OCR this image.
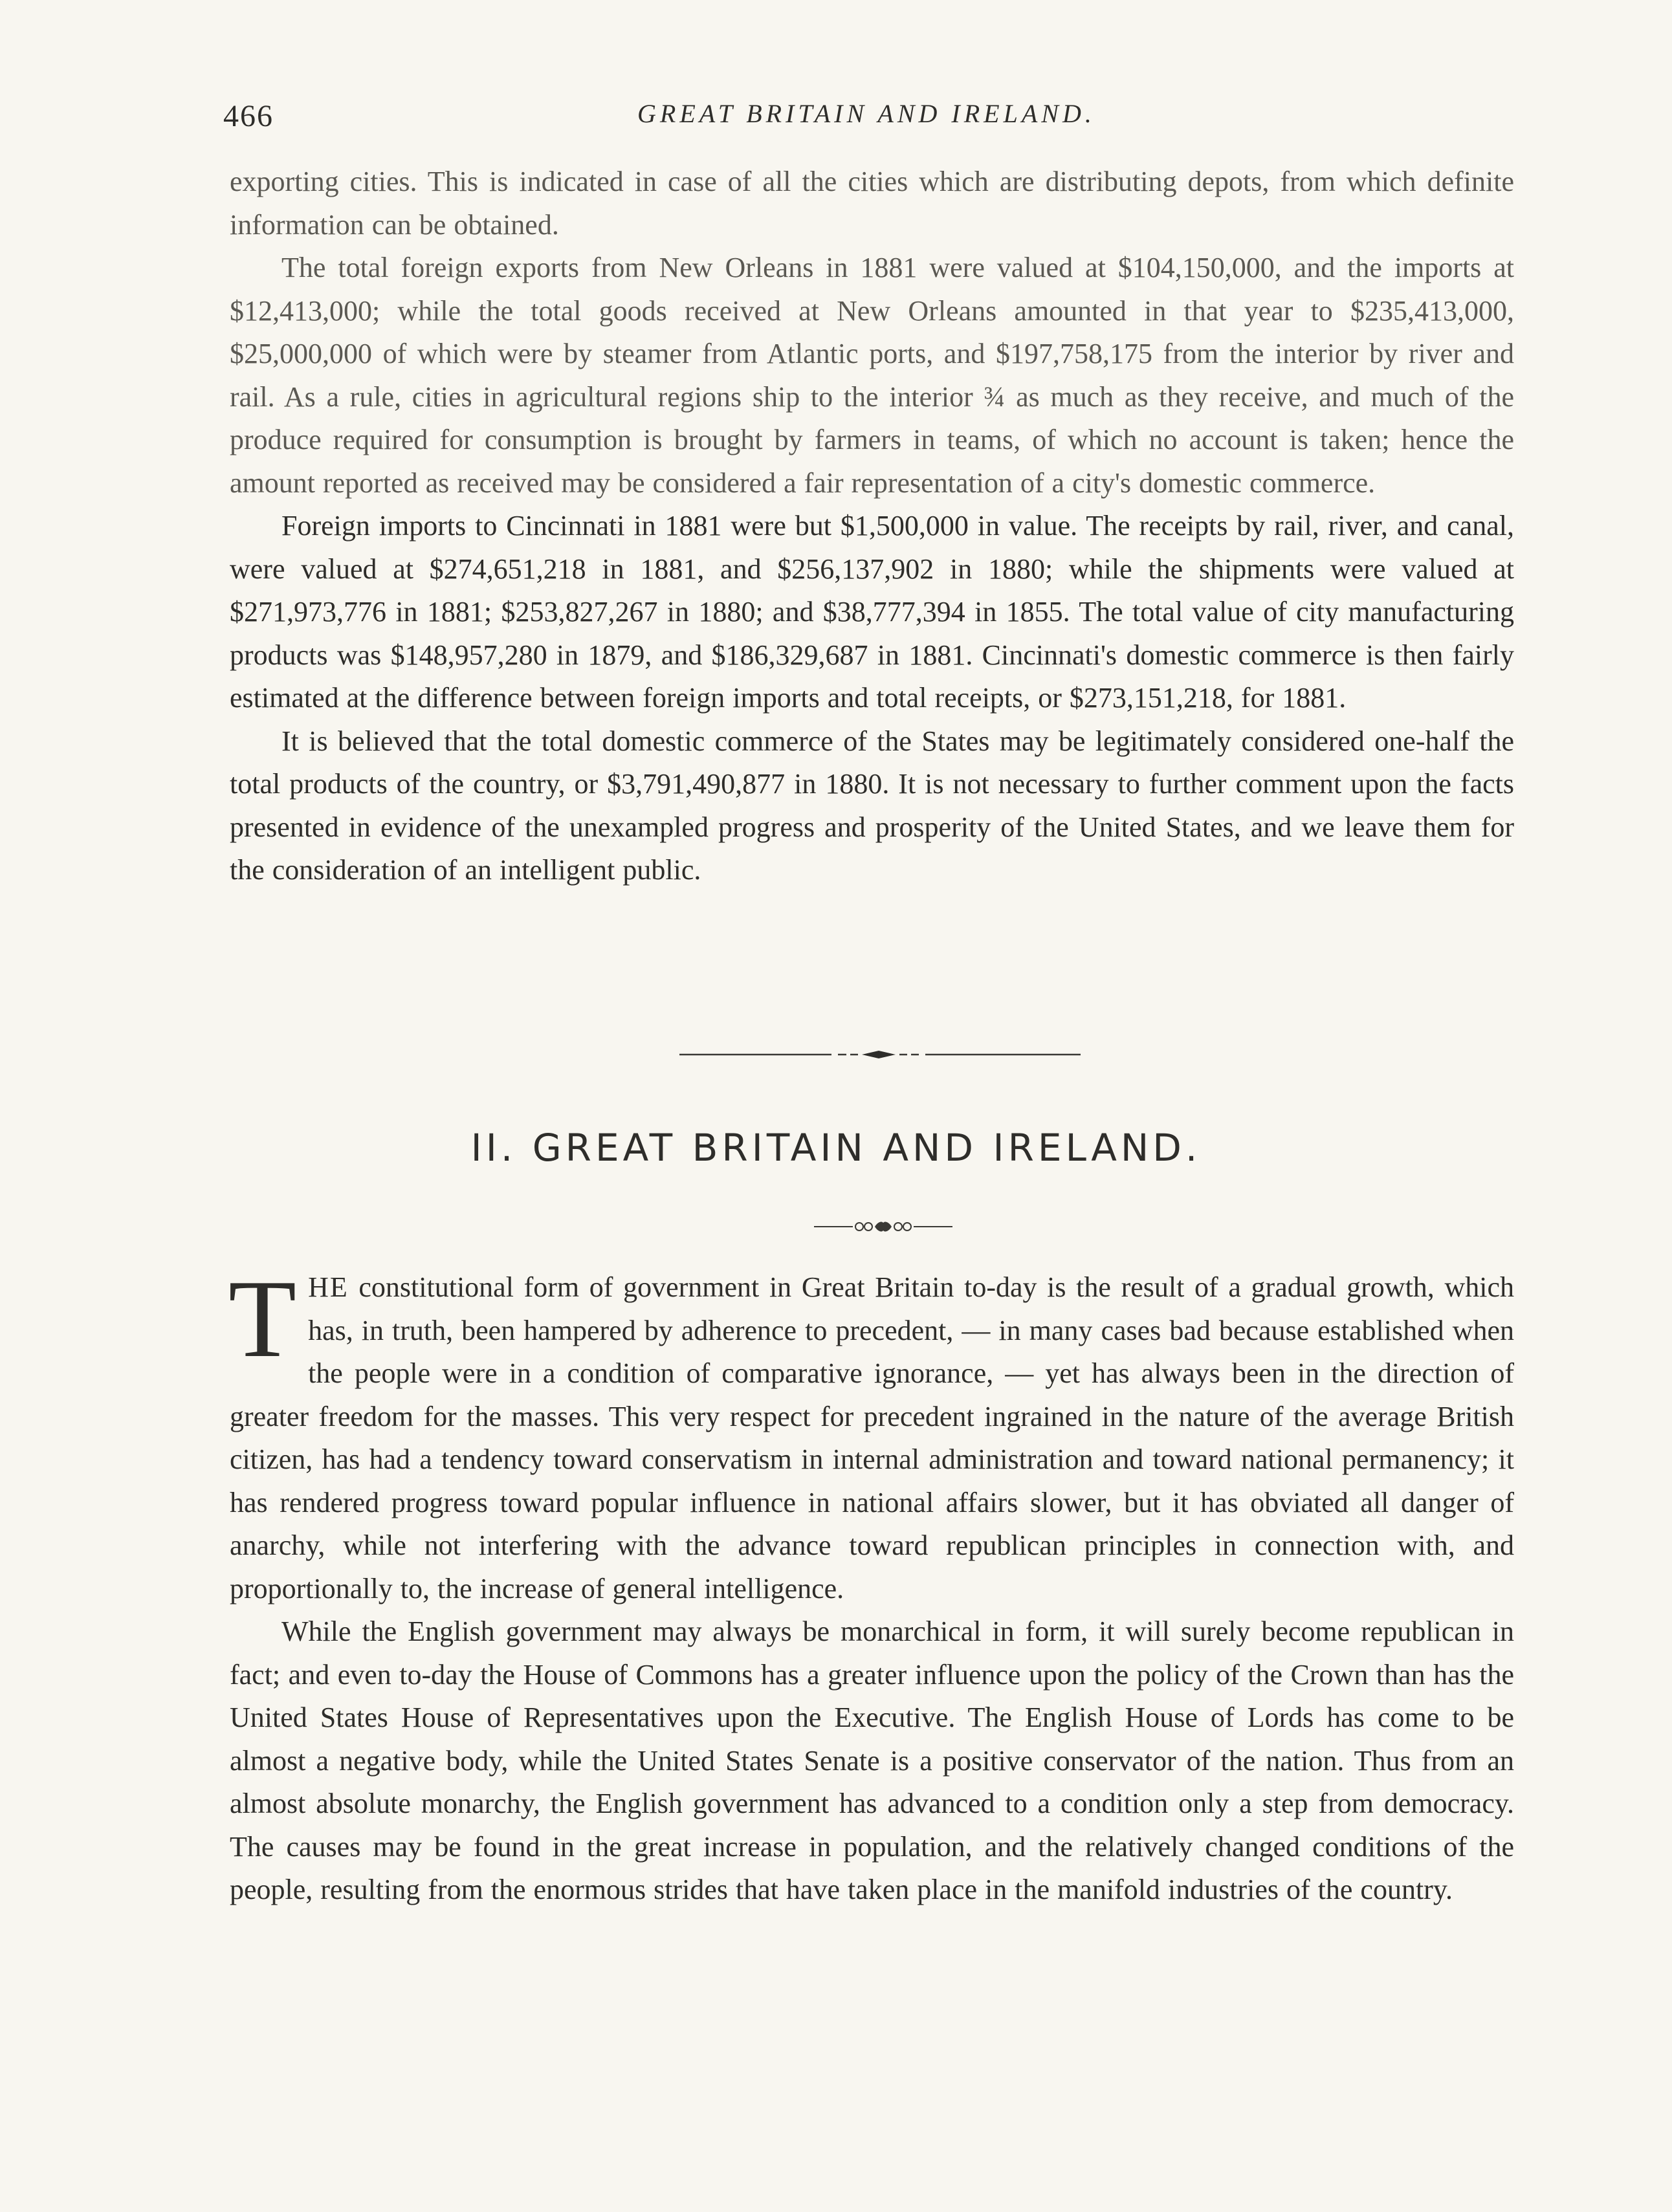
466	GREAT BRITAIN AND IRELAND.

exporting cities. This is indicated in case of all the cities which are distributing depots, from which definite information can be obtained.

The total foreign exports from New Orleans in 1881 were valued at $104,150,000, and the imports at $12,413,000; while the total goods received at New Orleans amounted in that year to $235,413,000, $25,000,000 of which were by steamer from Atlantic ports, and $197,758,175 from the interior by river and rail. As a rule, cities in agricultural regions ship to the interior ¾ as much as they receive, and much of the produce required for consumption is brought by farmers in teams, of which no account is taken; hence the amount reported as received may be considered a fair representation of a city's domestic commerce.

Foreign imports to Cincinnati in 1881 were but $1,500,000 in value. The receipts by rail, river, and canal, were valued at $274,651,218 in 1881, and $256,137,902 in 1880; while the shipments were valued at $271,973,776 in 1881; $253,827,267 in 1880; and $38,777,394 in 1855. The total value of city manufacturing products was $148,957,280 in 1879, and $186,329,687 in 1881. Cincinnati's domestic commerce is then fairly estimated at the difference between foreign imports and total receipts, or $273,151,218, for 1881.

It is believed that the total domestic commerce of the States may be legitimately considered one-half the total products of the country, or $3,791,490,877 in 1880. It is not necessary to further comment upon the facts presented in evidence of the unexampled progress and prosperity of the United States, and we leave them for the consideration of an intelligent public.

II. GREAT BRITAIN AND IRELAND.

THE constitutional form of government in Great Britain to-day is the result of a gradual growth, which has, in truth, been hampered by adherence to precedent, — in many cases bad because established when the people were in a condition of comparative ignorance, — yet has always been in the direction of greater freedom for the masses. This very respect for precedent ingrained in the nature of the average British citizen, has had a tendency toward conservatism in internal administration and toward national permanency; it has rendered progress toward popular influence in national affairs slower, but it has obviated all danger of anarchy, while not interfering with the advance toward republican principles in connection with, and proportionally to, the increase of general intelligence.

While the English government may always be monarchical in form, it will surely become republican in fact; and even to-day the House of Commons has a greater influence upon the policy of the Crown than has the United States House of Representatives upon the Executive. The English House of Lords has come to be almost a negative body, while the United States Senate is a positive conservator of the nation. Thus from an almost absolute monarchy, the English government has advanced to a condition only a step from democracy. The causes may be found in the great increase in population, and the relatively changed conditions of the people, resulting from the enormous strides that have taken place in the manifold industries of the country.
